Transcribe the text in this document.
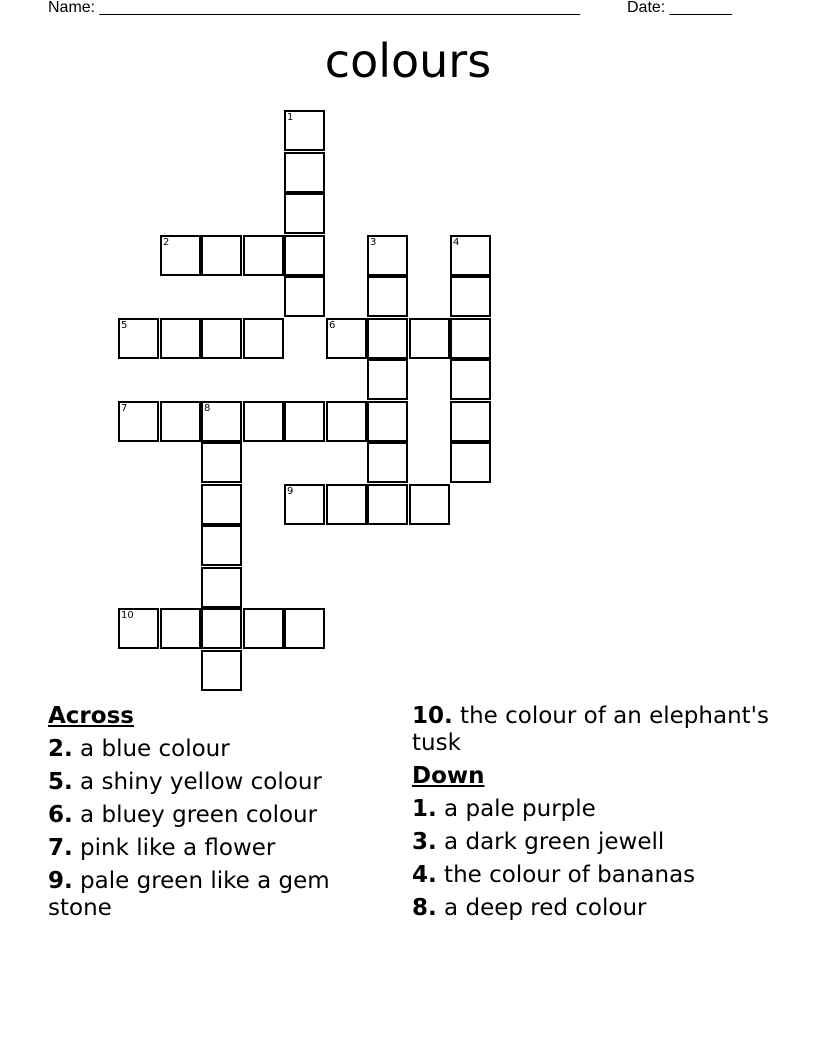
Name: ______________________________________________________	Date: _______
colours
1
2	3	4
5	6
7	8
9
10
Across
2. a blue colour
5. a shiny yellow colour
6. a bluey green colour
7. pink like a flower
9. pale green like a gem stone
10. the colour of an elephant's tusk
Down
1. a pale purple
3. a dark green jewell
4. the colour of bananas
8. a deep red colour
